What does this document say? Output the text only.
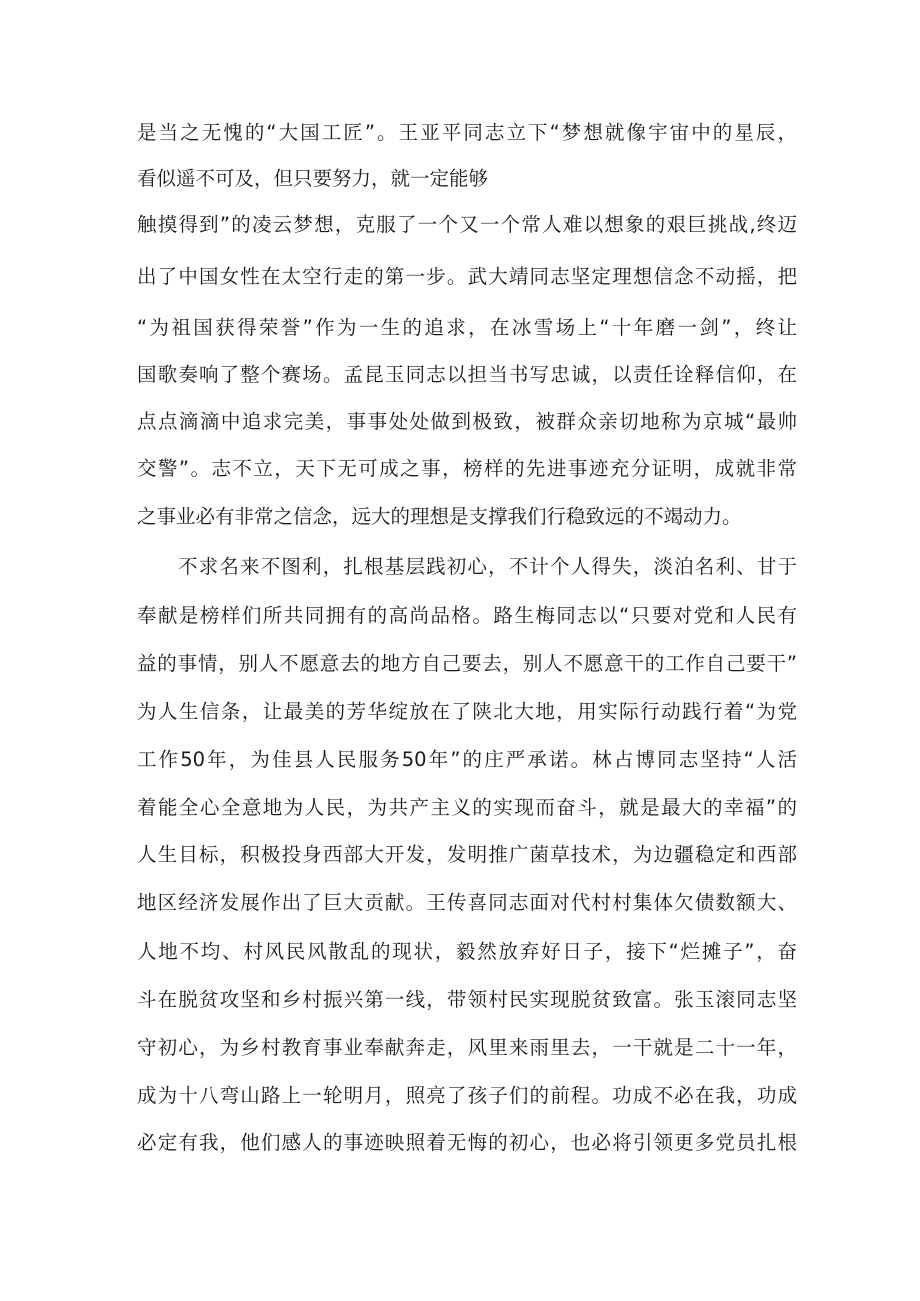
是当之无愧的“大国工匠”。王亚平同志立下“梦想就像宇宙中的星辰，
看似遥不可及，但只要努力，就一定能够
触摸得到”的凌云梦想，克服了一个又一个常人难以想象的艰巨挑战,终迈
出了中国女性在太空行走的第一步。武大靖同志坚定理想信念不动摇，把
“为祖国获得荣誉”作为一生的追求，在冰雪场上“十年磨一剑”，终让
国歌奏响了整个赛场。孟昆玉同志以担当书写忠诚，以责任诠释信仰，在
点点滴滴中追求完美，事事处处做到极致，被群众亲切地称为京城“最帅
交警”。志不立，天下无可成之事，榜样的先进事迹充分证明，成就非常
之事业必有非常之信念，远大的理想是支撑我们行稳致远的不竭动力。
不求名来不图利，扎根基层践初心，不计个人得失，淡泊名利、甘于
奉献是榜样们所共同拥有的高尚品格。路生梅同志以“只要对党和人民有
益的事情，别人不愿意去的地方自己要去，别人不愿意干的工作自己要干”
为人生信条，让最美的芳华绽放在了陕北大地，用实际行动践行着“为党
工作50年，为佳县人民服务50年”的庄严承诺。林占博同志坚持“人活
着能全心全意地为人民，为共产主义的实现而奋斗，就是最大的幸福”的
人生目标，积极投身西部大开发，发明推广菌草技术，为边疆稳定和西部
地区经济发展作出了巨大贡献。王传喜同志面对代村村集体欠债数额大、
人地不均、村风民风散乱的现状，毅然放弃好日子，接下“烂摊子”，奋
斗在脱贫攻坚和乡村振兴第一线，带领村民实现脱贫致富。张玉滚同志坚
守初心，为乡村教育事业奉献奔走，风里来雨里去，一干就是二十一年，
成为十八弯山路上一轮明月，照亮了孩子们的前程。功成不必在我，功成
必定有我，他们感人的事迹映照着无悔的初心，也必将引领更多党员扎根
